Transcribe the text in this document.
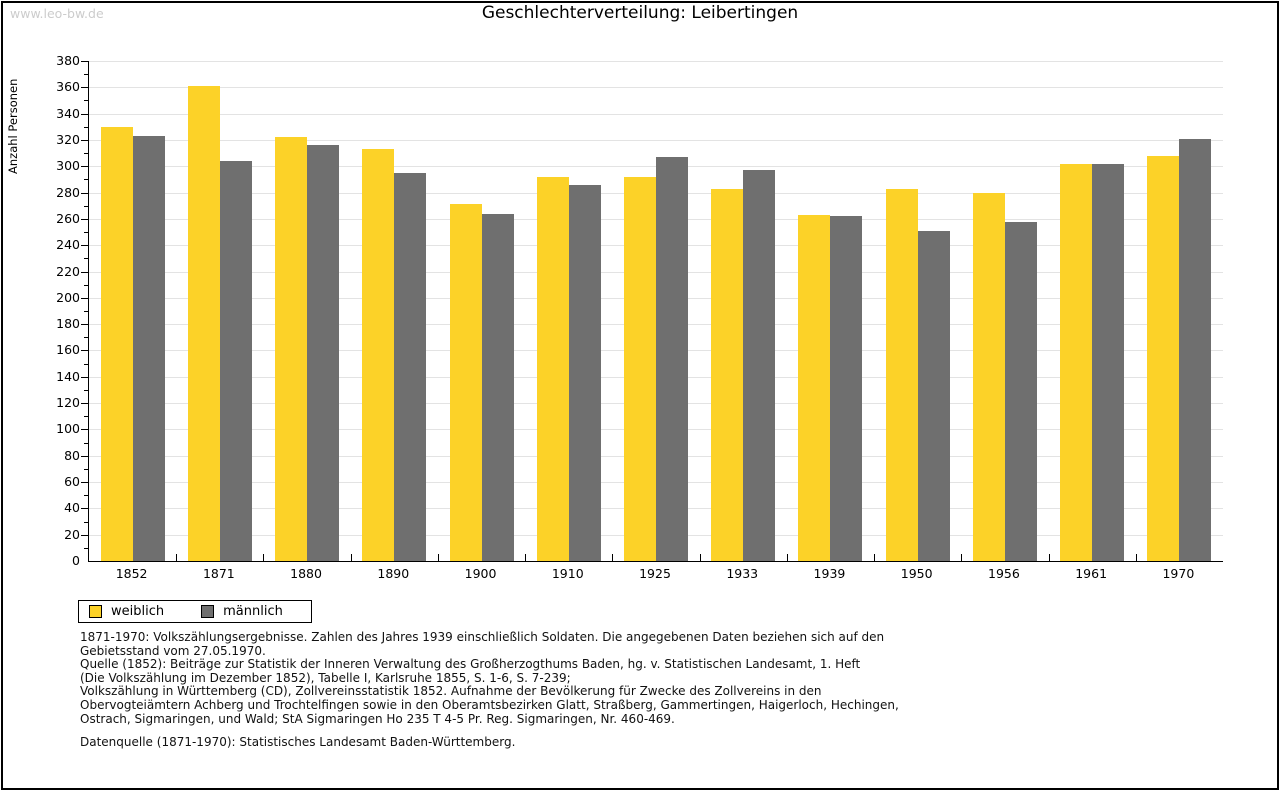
www.leo-bw.de	Geschlechterverteilung: Leibertingen
Anzahl Personen
weiblich	männlich

1871-1970: Volkszählungsergebnisse. Zahlen des Jahres 1939 einschließlich Soldaten. Die angegebenen Daten beziehen sich auf den

Gebietsstand vom 27.05.1970.

Quelle (1852): Beiträge zur Statistik der Inneren Verwaltung des Großherzogthums Baden, hg. v. Statistischen Landesamt, 1. Heft

(Die Volkszählung im Dezember 1852), Tabelle I, Karlsruhe 1855, S. 1-6, S. 7-239;

Volkszählung in Württemberg (CD), Zollvereinsstatistik 1852. Aufnahme der Bevölkerung für Zwecke des Zollvereins in den

Obervogteiämtern Achberg und Trochtelfingen sowie in den Oberamtsbezirken Glatt, Straßberg, Gammertingen, Haigerloch, Hechingen,

Ostrach, Sigmaringen, und Wald; StA Sigmaringen Ho 235 T 4-5 Pr. Reg. Sigmaringen, Nr. 460-469.

Datenquelle (1871-1970): Statistisches Landesamt Baden-Württemberg.

0
20
40
60
80
100
120
140
160
180
200
220
240
260
280
300
320
340
360
380
1852	1871	1880	1890	1900	1910	1925	1933	1939	1950	1956	1961	1970
